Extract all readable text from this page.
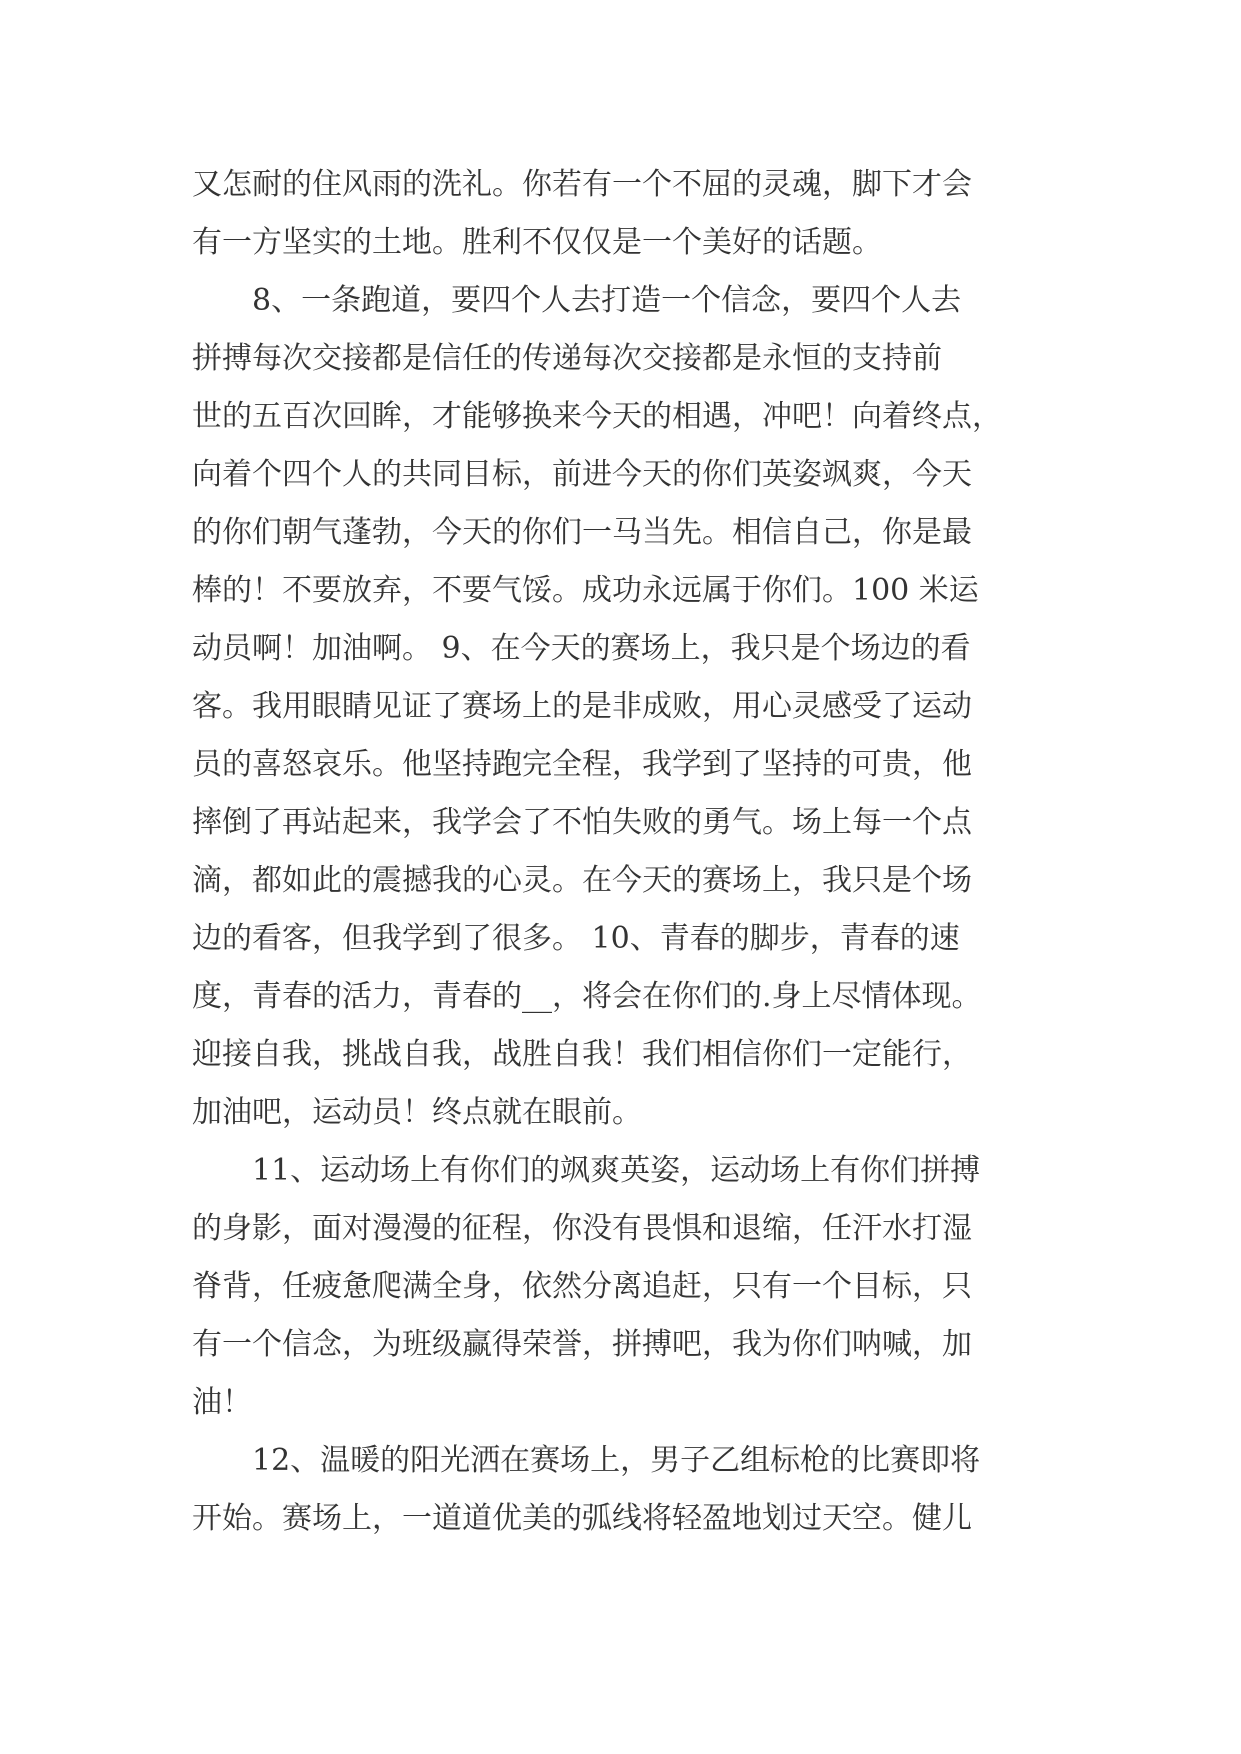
又怎耐的住风雨的洗礼。你若有一个不屈的灵魂，脚下才会
有一方坚实的土地。胜利不仅仅是一个美好的话题。
　　8、一条跑道，要四个人去打造一个信念，要四个人去
拼搏每次交接都是信任的传递每次交接都是永恒的支持前
世的五百次回眸，才能够换来今天的相遇，冲吧！向着终点，
向着个四个人的共同目标，前进今天的你们英姿飒爽，今天
的你们朝气蓬勃，今天的你们一马当先。相信自己，你是最
棒的！不要放弃，不要气馁。成功永远属于你们。100 米运
动员啊！加油啊。 9、在今天的赛场上，我只是个场边的看
客。我用眼睛见证了赛场上的是非成败，用心灵感受了运动
员的喜怒哀乐。他坚持跑完全程，我学到了坚持的可贵，他
摔倒了再站起来，我学会了不怕失败的勇气。场上每一个点
滴，都如此的震撼我的心灵。在今天的赛场上，我只是个场
边的看客，但我学到了很多。 10、青春的脚步，青春的速
度，青春的活力，青春的__，将会在你们的.身上尽情体现。
迎接自我，挑战自我，战胜自我！我们相信你们一定能行，
加油吧，运动员！终点就在眼前。
　　11、运动场上有你们的飒爽英姿，运动场上有你们拼搏
的身影，面对漫漫的征程，你没有畏惧和退缩，任汗水打湿
脊背，任疲惫爬满全身，依然分离追赶，只有一个目标，只
有一个信念，为班级赢得荣誉，拼搏吧，我为你们呐喊，加
油！
　　12、温暖的阳光洒在赛场上，男子乙组标枪的比赛即将
开始。赛场上，一道道优美的弧线将轻盈地划过天空。健儿
